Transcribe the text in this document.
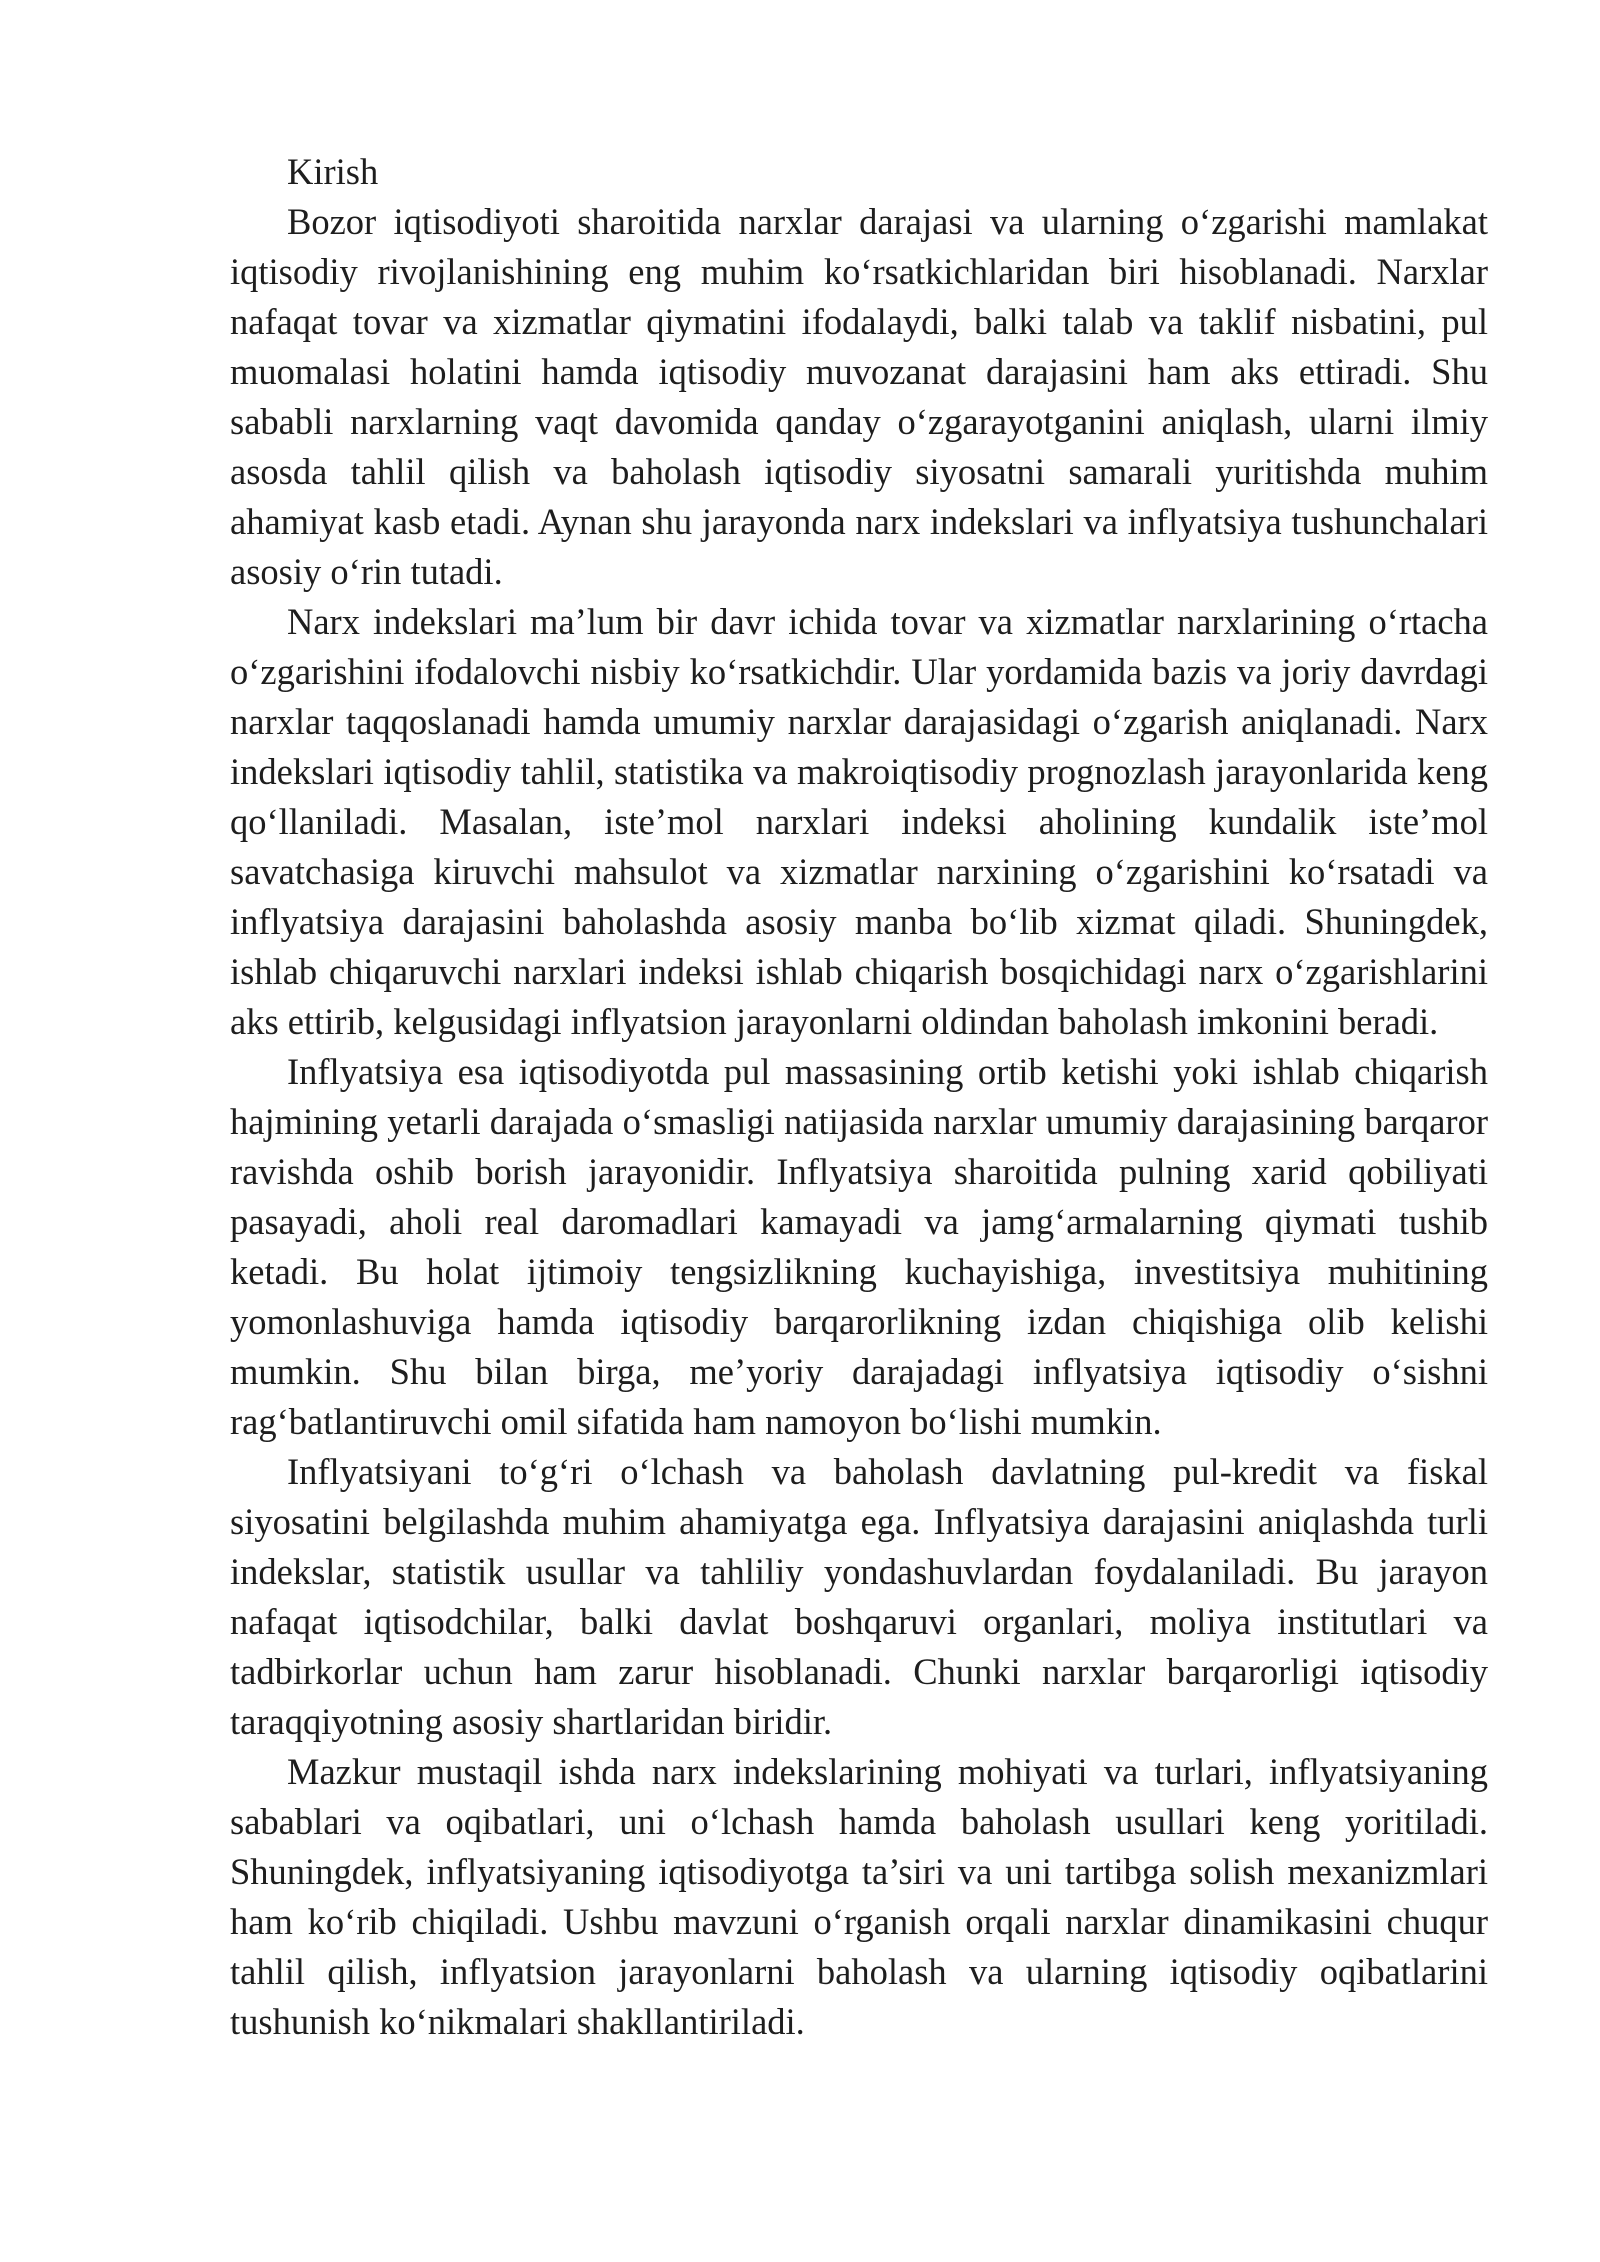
Kirish

Bozor iqtisodiyoti sharoitida narxlar darajasi va ularning o‘zgarishi mamlakat iqtisodiy rivojlanishining eng muhim ko‘rsatkichlaridan biri hisoblanadi. Narxlar nafaqat tovar va xizmatlar qiymatini ifodalaydi, balki talab va taklif nisbatini, pul muomalasi holatini hamda iqtisodiy muvozanat darajasini ham aks ettiradi. Shu sababli narxlarning vaqt davomida qanday o‘zgarayotganini aniqlash, ularni ilmiy asosda tahlil qilish va baholash iqtisodiy siyosatni samarali yuritishda muhim ahamiyat kasb etadi. Aynan shu jarayonda narx indekslari va inflyatsiya tushunchalari asosiy o‘rin tutadi.

Narx indekslari ma’lum bir davr ichida tovar va xizmatlar narxlarining o‘rtacha o‘zgarishini ifodalovchi nisbiy ko‘rsatkichdir. Ular yordamida bazis va joriy davrdagi narxlar taqqoslanadi hamda umumiy narxlar darajasidagi o‘zgarish aniqlanadi. Narx indekslari iqtisodiy tahlil, statistika va makroiqtisodiy prognozlash jarayonlarida keng qo‘llaniladi. Masalan, iste’mol narxlari indeksi aholining kundalik iste’mol savatchasiga kiruvchi mahsulot va xizmatlar narxining o‘zgarishini ko‘rsatadi va inflyatsiya darajasini baholashda asosiy manba bo‘lib xizmat qiladi. Shuningdek, ishlab chiqaruvchi narxlari indeksi ishlab chiqarish bosqichidagi narx o‘zgarishlarini aks ettirib, kelgusidagi inflyatsion jarayonlarni oldindan baholash imkonini beradi.

Inflyatsiya esa iqtisodiyotda pul massasining ortib ketishi yoki ishlab chiqarish hajmining yetarli darajada o‘smasligi natijasida narxlar umumiy darajasining barqaror ravishda oshib borish jarayonidir. Inflyatsiya sharoitida pulning xarid qobiliyati pasayadi, aholi real daromadlari kamayadi va jamg‘armalarning qiymati tushib ketadi. Bu holat ijtimoiy tengsizlikning kuchayishiga, investitsiya muhitining yomonlashuviga hamda iqtisodiy barqarorlikning izdan chiqishiga olib kelishi mumkin. Shu bilan birga, me’yoriy darajadagi inflyatsiya iqtisodiy o‘sishni rag‘batlantiruvchi omil sifatida ham namoyon bo‘lishi mumkin.

Inflyatsiyani to‘g‘ri o‘lchash va baholash davlatning pul-kredit va fiskal siyosatini belgilashda muhim ahamiyatga ega. Inflyatsiya darajasini aniqlashda turli indekslar, statistik usullar va tahliliy yondashuvlardan foydalaniladi. Bu jarayon nafaqat iqtisodchilar, balki davlat boshqaruvi organlari, moliya institutlari va tadbirkorlar uchun ham zarur hisoblanadi. Chunki narxlar barqarorligi iqtisodiy taraqqiyotning asosiy shartlaridan biridir.

Mazkur mustaqil ishda narx indekslarining mohiyati va turlari, inflyatsiyaning sabablari va oqibatlari, uni o‘lchash hamda baholash usullari keng yoritiladi. Shuningdek, inflyatsiyaning iqtisodiyotga ta’siri va uni tartibga solish mexanizmlari ham ko‘rib chiqiladi. Ushbu mavzuni o‘rganish orqali narxlar dinamikasini chuqur tahlil qilish, inflyatsion jarayonlarni baholash va ularning iqtisodiy oqibatlarini tushunish ko‘nikmalari shakllantiriladi.
